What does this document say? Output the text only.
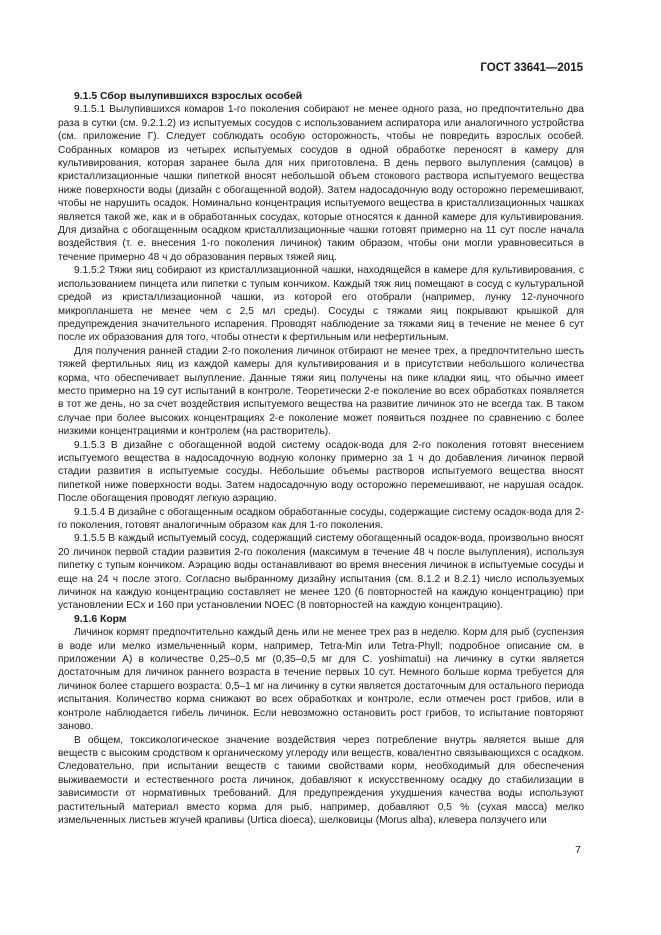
ГОСТ 33641—2015
9.1.5 Сбор вылупившихся взрослых особей

9.1.5.1 Вылупившихся комаров 1-го поколения собирают не менее одного раза, но предпочтительно два раза в сутки (см. 9.2.1.2) из испытуемых сосудов с использованием аспиратора или аналогичного устройства (см. приложение Г). Следует соблюдать особую осторожность, чтобы не повредить взрослых особей. Собранных комаров из четырех испытуемых сосудов в одной обработке переносят в камеру для культивирования, которая заранее была для них приготовлена. В день первого вылупления (самцов) в кристаллизационные чашки пипеткой вносят небольшой объем стокового раствора испытуемого вещества ниже поверхности воды (дизайн с обогащенной водой). Затем надосадочную воду осторожно перемешивают, чтобы не нарушить осадок. Номинально концентрация испытуемого вещества в кристаллизационных чашках является такой же, как и в обработанных сосудах, которые относятся к данной камере для культивирования. Для дизайна с обогащенным осадком кристаллизационные чашки готовят примерно на 11 сут после начала воздействия (т. е. внесения 1-го поколения личинок) таким образом, чтобы они могли уравновеситься в течение примерно 48 ч до образования первых тяжей яиц.

9.1.5.2 Тяжи яиц собирают из кристаллизационной чашки, находящейся в камере для культивирования, с использованием пинцета или пипетки с тупым кончиком. Каждый тяж яиц помещают в сосуд с культуральной средой из кристаллизационной чашки, из которой его отобрали (например, лунку 12-луночного микропланшета не менее чем с 2,5 мл среды). Сосуды с тяжами яиц покрывают крышкой для предупреждения значительного испарения. Проводят наблюдение за тяжами яиц в течение не менее 6 сут после их образования для того, чтобы отнести к фертильным или нефертильным.

Для получения ранней стадии 2-го поколения личинок отбирают не менее трех, а предпочтительно шесть тяжей фертильных яиц из каждой камеры для культивирования и в присутствии небольшого количества корма, что обеспечивает вылупление. Данные тяжи яиц получены на пике кладки яиц, что обычно имеет место примерно на 19 сут испытаний в контроле. Теоретически 2-е поколение во всех обработках появляется в тот же день, но за счет воздействия испытуемого вещества на развитие личинок это не всегда так. В таком случае при более высоких концентрациях 2-е поколение может появиться позднее по сравнению с более низкими концентрациями и контролем (на растворитель).

9.1.5.3 В дизайне с обогащенной водой систему осадок-вода для 2-го поколения готовят внесением испытуемого вещества в надосадочную водную колонку примерно за 1 ч до добавления личинок первой стадии развития в испытуемые сосуды. Небольшие объемы растворов испытуемого вещества вносят пипеткой ниже поверхности воды. Затем надосадочную воду осторожно перемешивают, не нарушая осадок. После обогащения проводят легкую аэрацию.

9.1.5.4 В дизайне с обогащенным осадком обработанные сосуды, содержащие систему осадок-вода для 2-го поколения, готовят аналогичным образом как для 1-го поколения.

9.1.5.5 В каждый испытуемый сосуд, содержащий систему обогащенный осадок-вода, произвольно вносят 20 личинок первой стадии развития 2-го поколения (максимум в течение 48 ч после вылупления), используя пипетку с тупым кончиком. Аэрацию воды останавливают во время внесения личинок в испытуемые сосуды и еще на 24 ч после этого. Согласно выбранному дизайну испытания (см. 8.1.2 и 8.2.1) число используемых личинок на каждую концентрацию составляет не менее 120 (6 повторностей на каждую концентрацию) при установлении ECx и 160 при установлении NOEC (8 повторностей на каждую концентрацию).

9.1.6 Корм

Личинок кормят предпочтительно каждый день или не менее трех раз в неделю. Корм для рыб (суспензия в воде или мелко измельченный корм, например, Tetra-Min или Tetra-Phyll; подробное описание см. в приложении А) в количестве 0,25–0,5 мг (0,35–0,5 мг для C. yoshimatui) на личинку в сутки является достаточным для личинок раннего возраста в течение первых 10 сут. Немного больше корма требуется для личинок более старшего возраста: 0,5–1 мг на личинку в сутки является достаточным для остального периода испытания. Количество корма снижают во всех обработках и контроле, если отмечен рост грибов, или в контроле наблюдается гибель личинок. Если невозможно остановить рост грибов, то испытание повторяют заново.

В общем, токсикологическое значение воздействия через потребление внутрь является выше для веществ с высоким сродством к органическому углероду или веществ, ковалентно связывающихся с осадком. Следовательно, при испытании веществ с такими свойствами корм, необходимый для обеспечения выживаемости и естественного роста личинок, добавляют к искусственному осадку до стабилизации в зависимости от нормативных требований. Для предупреждения ухудшения качества воды используют растительный материал вместо корма для рыб, например, добавляют 0,5 % (сухая масса) мелко измельченных листьев жгучей крапивы (Urtica dioeca), шелковицы (Morus alba), клевера ползучего или

7
